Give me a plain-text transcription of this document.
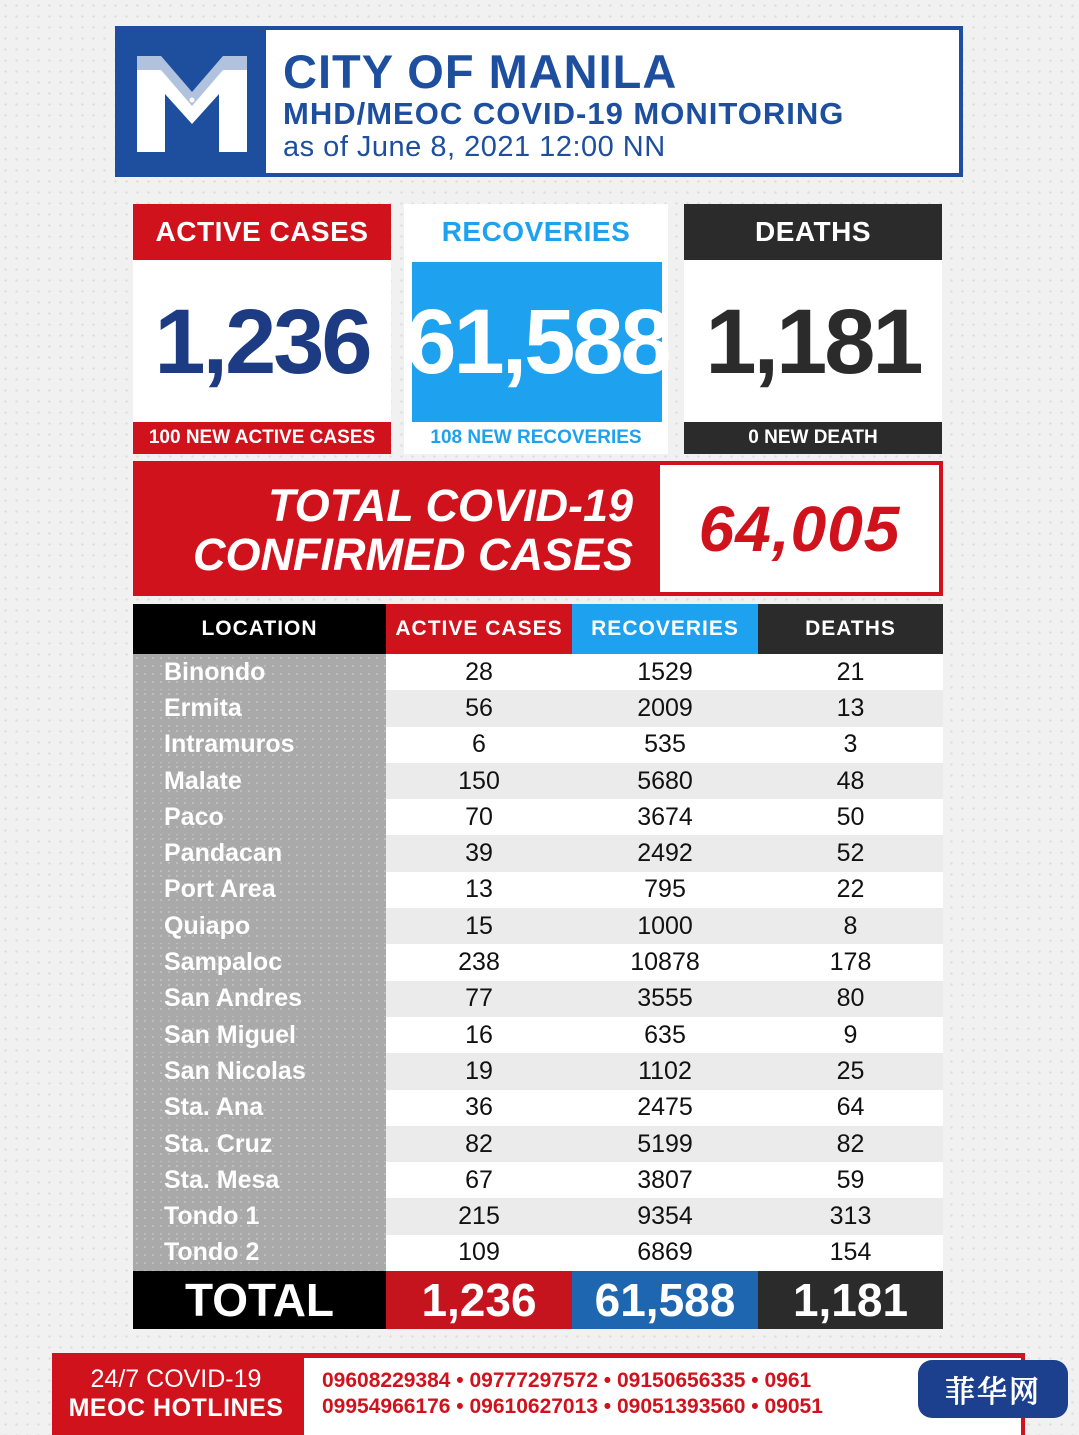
CITY OF MANILA
MHD/MEOC COVID-19 MONITORING
as of June 8, 2021 12:00 NN
ACTIVE CASES
1,236
100 NEW ACTIVE CASES
RECOVERIES
61,588
108 NEW RECOVERIES
DEATHS
1,181
0 NEW DEATH
TOTAL COVID-19
CONFIRMED CASES	64,005
LOCATION	ACTIVE CASES	RECOVERIES	DEATHS
Binondo	28	1529	21
Ermita	56	2009	13
Intramuros	6	535	3
Malate	150	5680	48
Paco	70	3674	50
Pandacan	39	2492	52
Port Area	13	795	22
Quiapo	15	1000	8
Sampaloc	238	10878	178
San Andres	77	3555	80
San Miguel	16	635	9
San Nicolas	19	1102	25
Sta. Ana	36	2475	64
Sta. Cruz	82	5199	82
Sta. Mesa	67	3807	59
Tondo 1	215	9354	313
Tondo 2	109	6869	154
TOTAL	1,236	61,588	1,181
24/7 COVID-19
MEOC HOTLINES
09608229384 • 09777297572 • 09150656335 • 0961
09954966176 • 09610627013 • 09051393560 • 09051	菲华网
